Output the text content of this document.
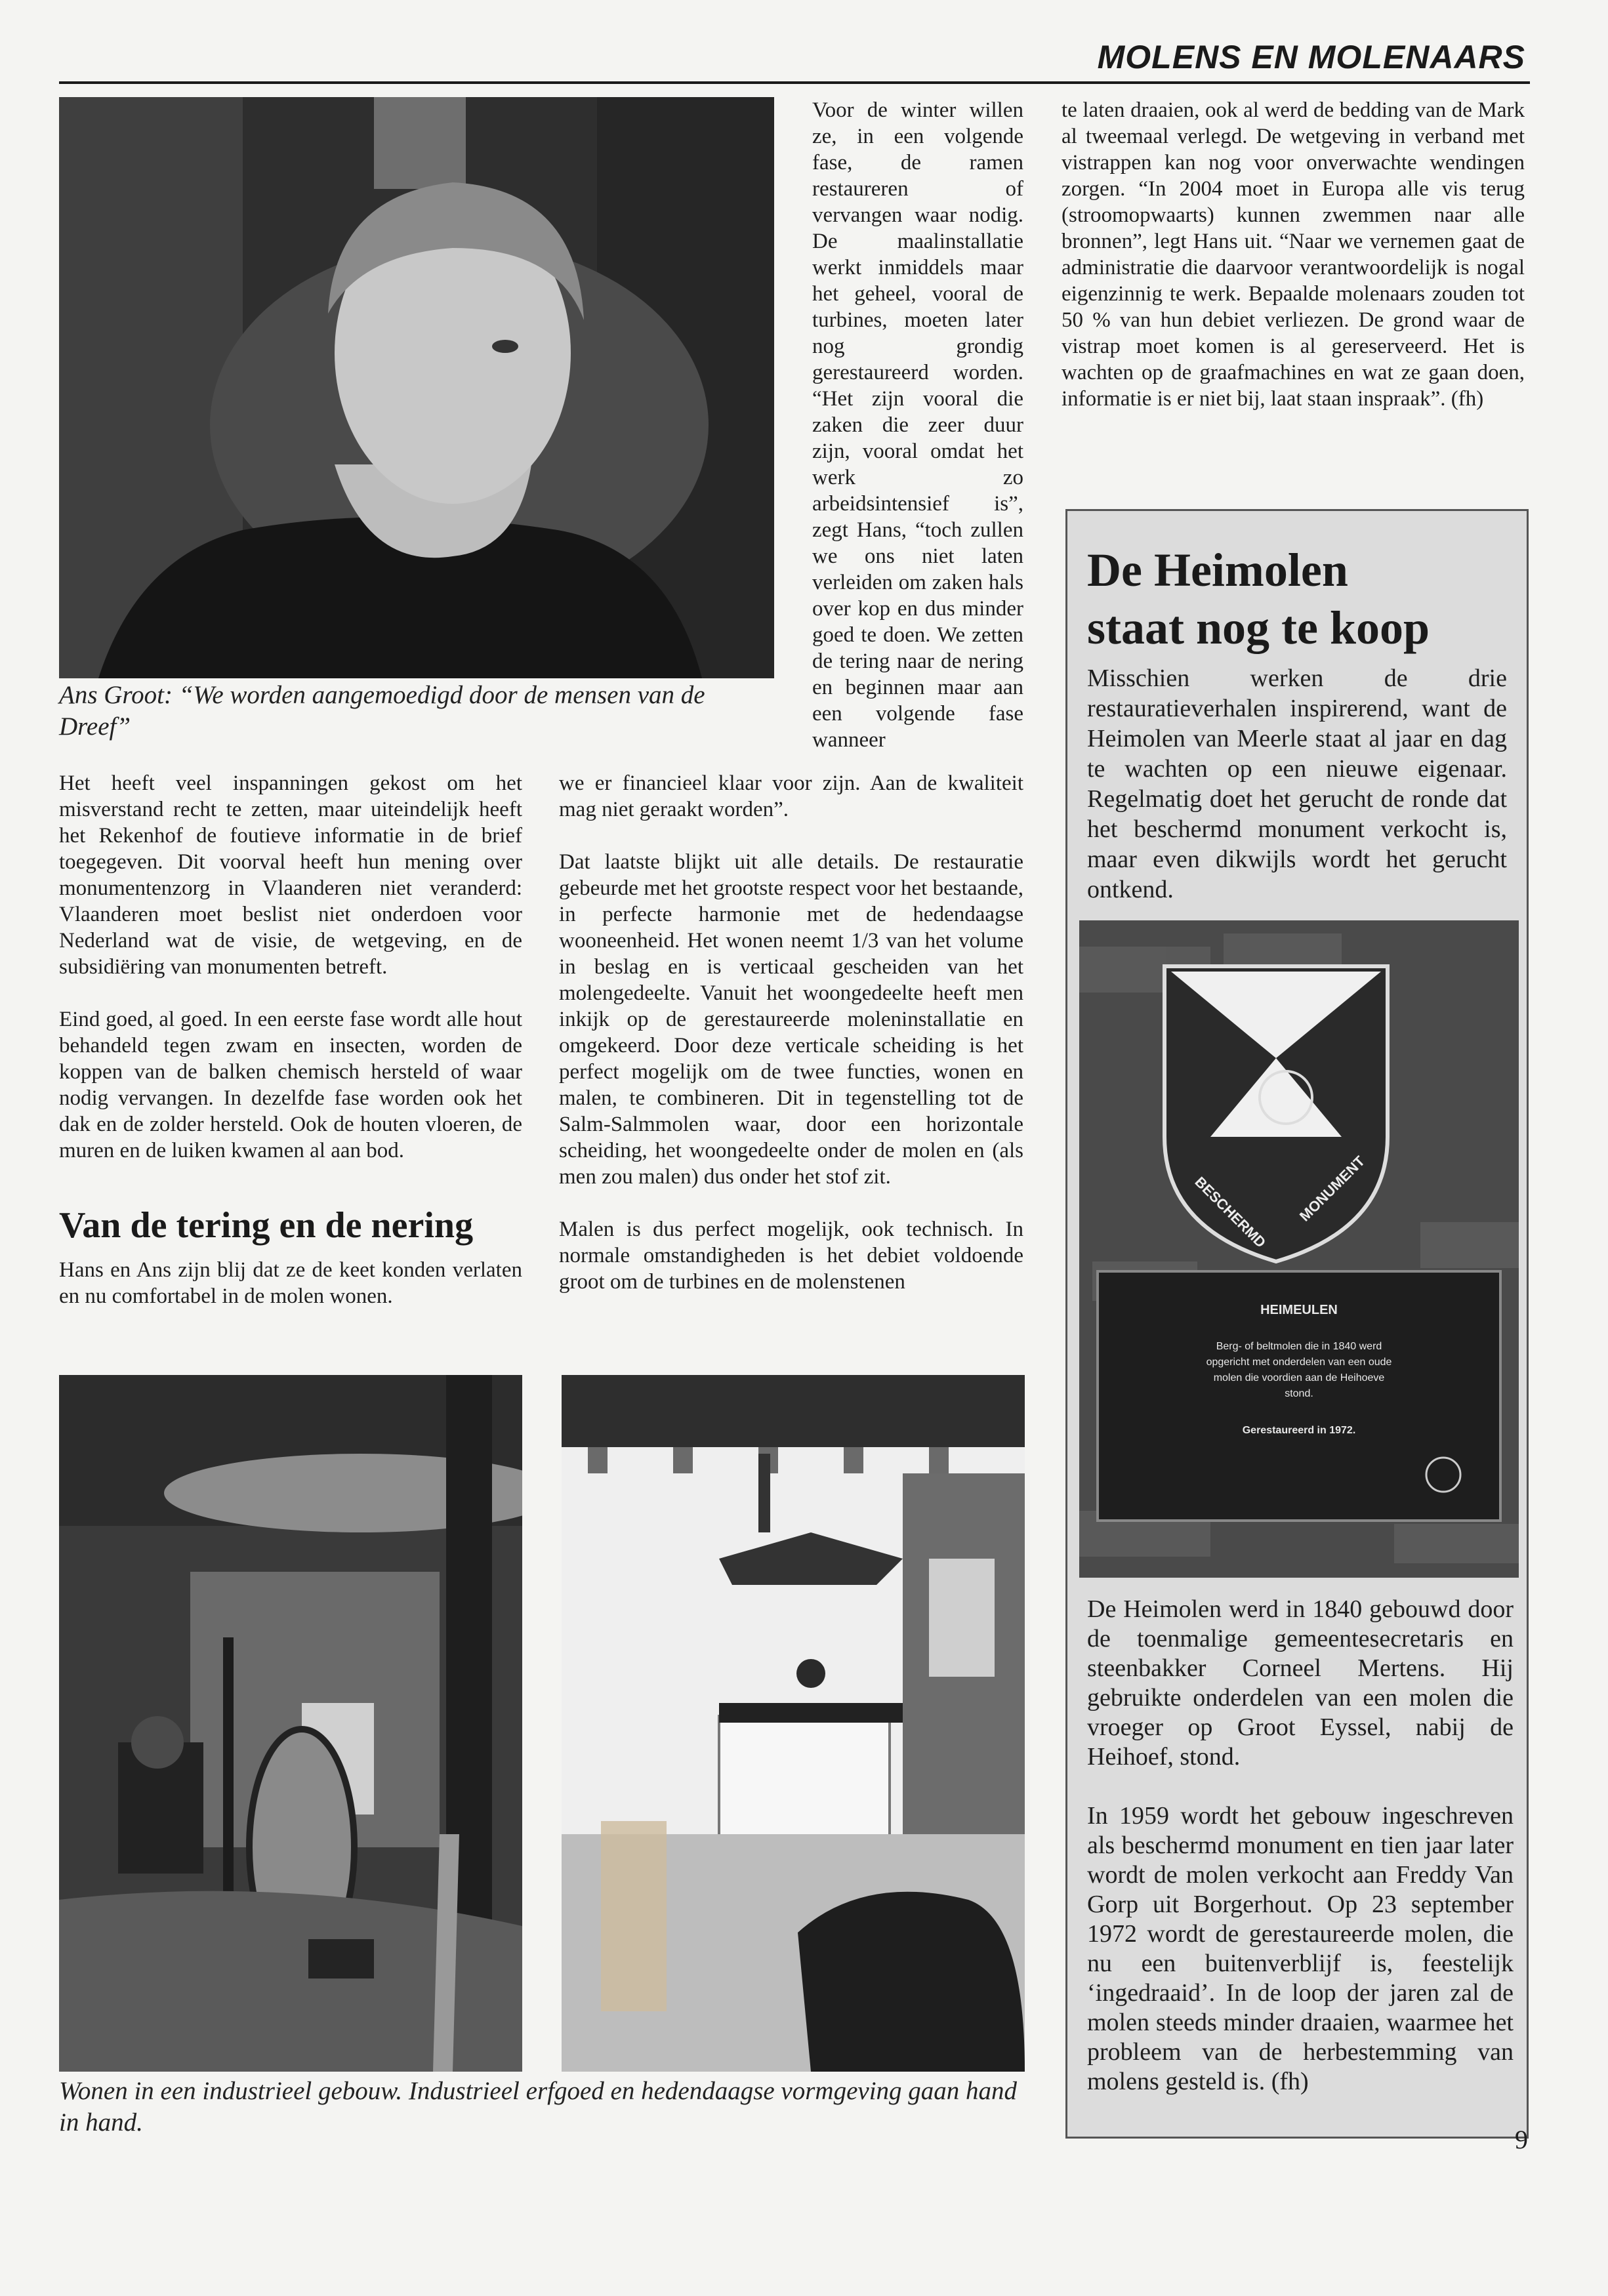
MOLENS EN MOLENAARS
Ans Groot: “We worden aangemoedigd door de mensen van de Dreef”

Het heeft veel inspanningen gekost om het misverstand recht te zetten, maar uiteindelijk heeft het Rekenhof de foutieve informatie in de brief toegegeven. Dit voorval heeft hun mening over monumentenzorg in Vlaanderen niet veranderd: Vlaanderen moet beslist niet onderdoen voor Nederland wat de visie, de wetgeving, en de subsidiëring van monumenten betreft.

Eind goed, al goed. In een eerste fase wordt alle hout behandeld tegen zwam en insecten, worden de koppen van de balken chemisch hersteld of waar nodig vervangen. In dezelfde fase worden ook het dak en de zolder hersteld. Ook de houten vloeren, de muren en de luiken kwamen al aan bod.

Van de tering en de nering

Hans en Ans zijn blij dat ze de keet konden verlaten en nu comfortabel in de molen wonen.

Voor de winter willen ze, in een volgende fase, de ramen restaureren of vervangen waar nodig. De maalinstallatie werkt inmiddels maar het geheel, vooral de turbines, moeten later nog grondig gerestaureerd worden. “Het zijn vooral die zaken die zeer duur zijn, vooral omdat het werk zo arbeidsintensief is”, zegt Hans, “toch zullen we ons niet laten verleiden om zaken hals over kop en dus minder goed te doen. We zetten de tering naar de nering en beginnen maar aan een volgende fase wanneer

we er financieel klaar voor zijn. Aan de kwaliteit mag niet geraakt worden”.

Dat laatste blijkt uit alle details. De restauratie gebeurde met het grootste respect voor het bestaande, in perfecte harmonie met de hedendaagse wooneenheid. Het wonen neemt 1/3 van het volume in beslag en is verticaal gescheiden van het molengedeelte. Vanuit het woongedeelte heeft men inkijk op de gerestaureerde moleninstallatie en omgekeerd. Door deze verticale scheiding is het perfect mogelijk om de twee functies, wonen en malen, te combineren. Dit in tegenstelling tot de Salm-Salmmolen waar, door een horizontale scheiding, het woongedeelte onder de molen en (als men zou malen) dus onder het stof zit.

Malen is dus perfect mogelijk, ook technisch. In normale omstandigheden is het debiet voldoende groot om de turbines en de molenstenen

te laten draaien, ook al werd de bedding van de Mark al tweemaal verlegd. De wetgeving in verband met vistrappen kan nog voor onverwachte wendingen zorgen. “In 2004 moet in Europa alle vis terug (stroomopwaarts) kunnen zwemmen naar alle bronnen”, legt Hans uit. “Naar we vernemen gaat de administratie die daarvoor verantwoordelijk is nogal eigenzinnig te werk. Bepaalde molenaars zouden tot 50 % van hun debiet verliezen. De grond waar de vistrap moet komen is al gereserveerd. Het is wachten op de graafmachines en wat ze gaan doen, informatie is er niet bij, laat staan inspraak”. (fh)

De Heimolen
staat nog te koop
Misschien werken de drie restauratieverhalen inspirerend, want de Heimolen van Meerle staat al jaar en dag te wachten op een nieuwe eigenaar. Regelmatig doet het gerucht de ronde dat het beschermd monument verkocht is, maar even dikwijls wordt het gerucht ontkend.
BESCHERMD MONUMENT
HEIMEULEN
Berg- of beltmolen die in 1840 werd
opgericht met onderdelen van een oude
molen die voordien aan de Heihoeve
stond.
Gerestaureerd in 1972.

De Heimolen werd in 1840 gebouwd door de toenmalige gemeentesecretaris en steenbakker Corneel Mertens. Hij gebruikte onderdelen van een molen die vroeger op Groot Eyssel, nabij de Heihoef, stond.

In 1959 wordt het gebouw ingeschreven als beschermd monument en tien jaar later wordt de molen verkocht aan Freddy Van Gorp uit Borgerhout. Op 23 september 1972 wordt de gerestaureerde molen, die nu een buitenverblijf is, feestelijk ‘ingedraaid’. In de loop der jaren zal de molen steeds minder draaien, waarmee het probleem van de herbestemming van molens gesteld is. (fh)

Wonen in een industrieel gebouw. Industrieel erfgoed en hedendaagse vormgeving gaan hand in hand.
9
